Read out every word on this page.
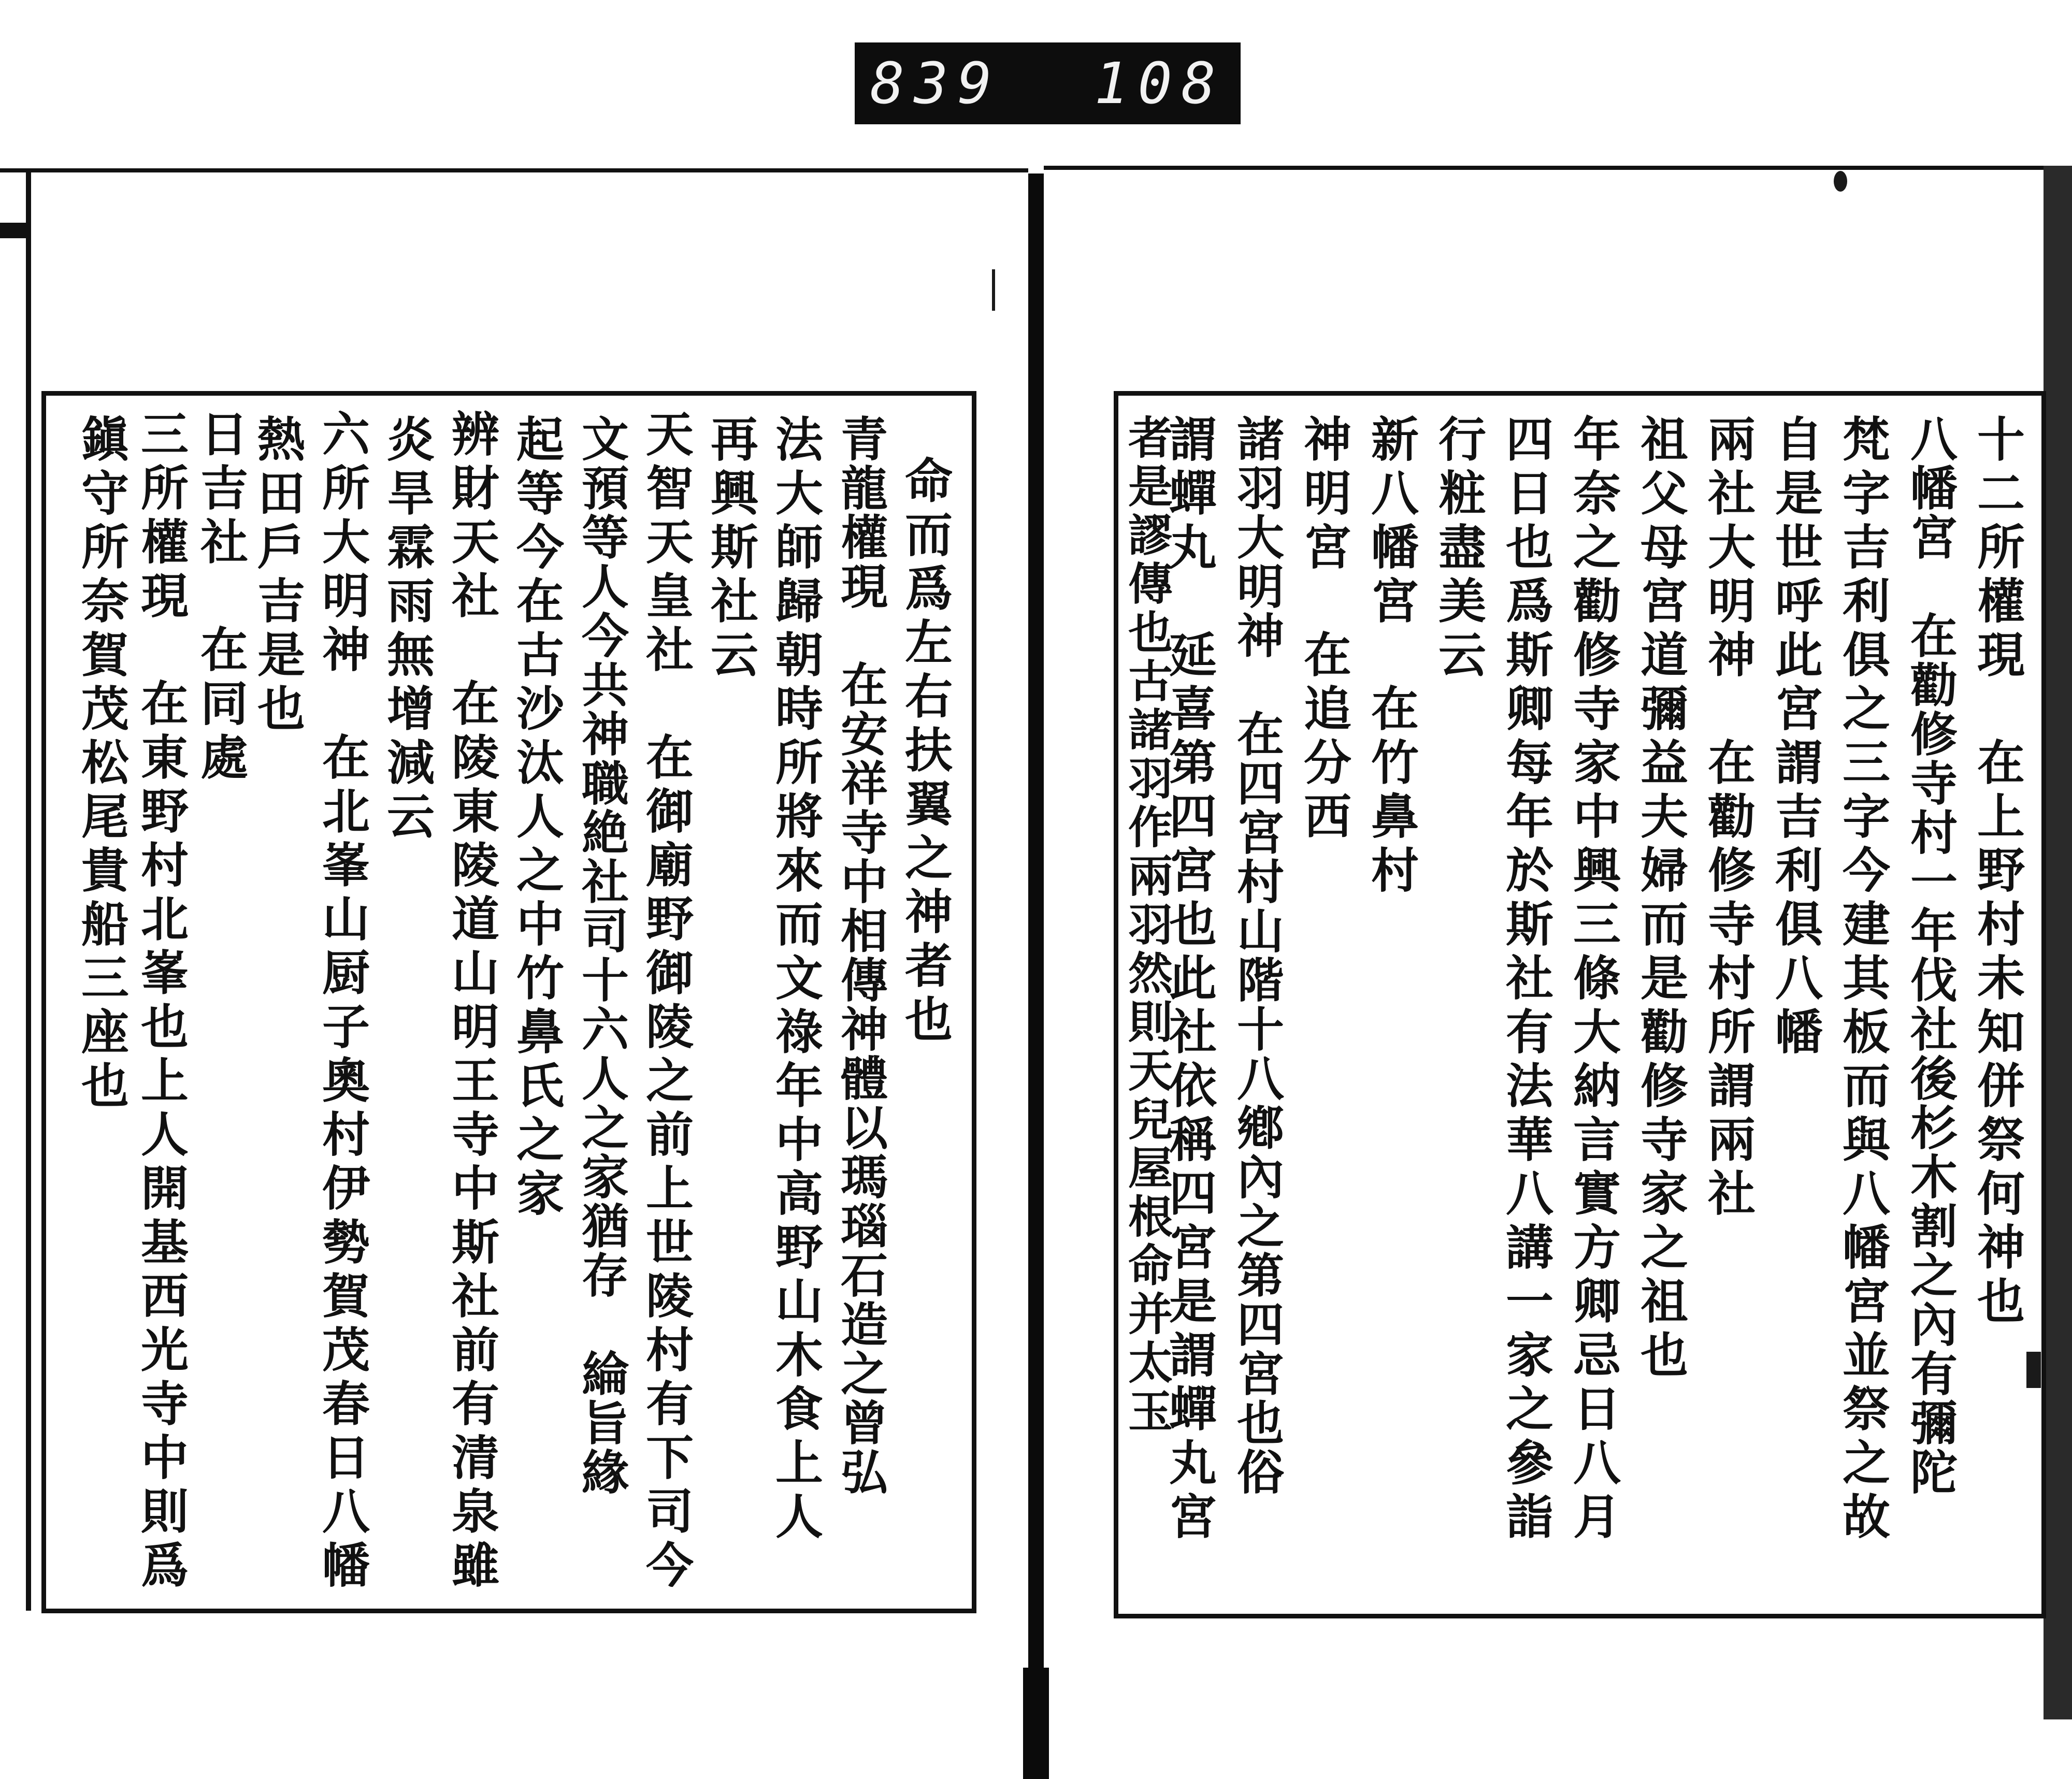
839 108
十二所權現　在上野村未知併祭何神也
八幡宮　在勸修寺村一年伐社後杉木割之內有彌陀
梵字吉利俱之三字今建其板而與八幡宮並祭之故
自是世呼此宮謂吉利俱八幡
兩社大明神　在勸修寺村所謂兩社
祖父母宮道彌益夫婦而是勸修寺家之祖也
年奈之勸修寺家中興三條大納言實方卿忌日八月
四日也爲斯卿每年於斯社有法華八講一家之參詣
行粧盡美云
新八幡宮　在竹鼻村
神明宮　在追分西
諸羽大明神　在四宮村山階十八鄕內之第四宮也俗
謂蟬丸　延喜第四宮也此社依稱四宮是謂蟬丸宮
者是謬傳也古諸羽作兩羽然則天兒屋根命并太玉
命而爲左右扶翼之神者也
青龍權現　在安祥寺中相傳神體以瑪瑙石造之曾弘
法大師歸朝時所將來而文祿年中高野山木食上人
再興斯社云
天智天皇社　在御廟野御陵之前上世陵村有下司今
文預等人今共神職絶社司十六人之家猶存　綸旨緣
起等今在古沙汰人之中竹鼻氏之家
辨財天社　在陵東陵道山明王寺中斯社前有清泉雖
炎旱霖雨無增減云
六所大明神　在北峯山厨子奧村伊勢賀茂春日八幡
熱田戶吉是也
日吉社　在同處
三所權現　在東野村北峯也上人開基西光寺中則爲
鎭守所奈賀茂松尾貴船三座也
